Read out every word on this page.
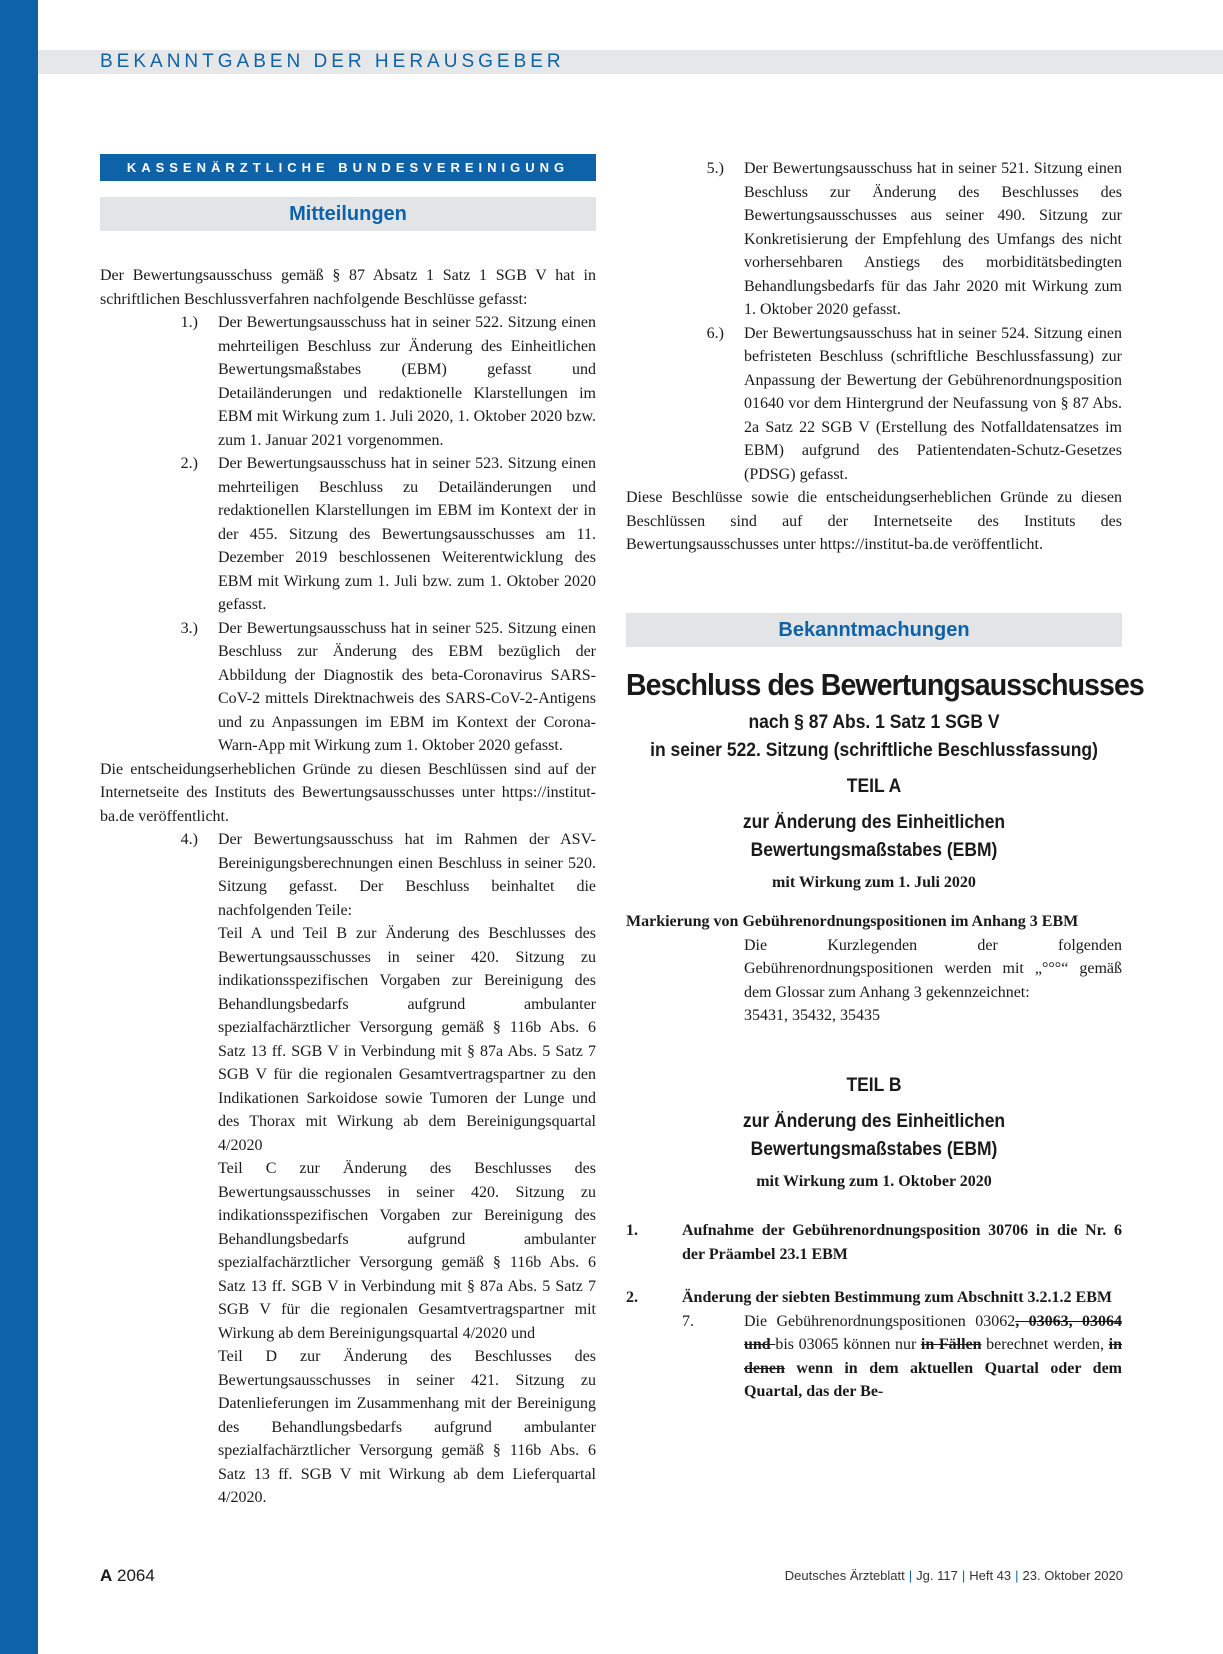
BEKANNTGABEN DER HERAUSGEBER
KASSENÄRZTLICHE BUNDESVEREINIGUNG
Mitteilungen

Der Bewertungsausschuss gemäß § 87 Absatz 1 Satz 1 SGB V hat in schriftlichen Beschlussverfahren nachfolgende Beschlüsse gefasst:

1.)	Der Bewertungsausschuss hat in seiner 522. Sitzung einen mehrteiligen Beschluss zur Änderung des Einheitlichen Bewertungsmaßstabes (EBM) gefasst und Detailänderungen und redaktionelle Klarstellungen im EBM mit Wirkung zum 1. Juli 2020, 1. Oktober 2020 bzw. zum 1. Januar 2021 vorgenommen.
2.)	Der Bewertungsausschuss hat in seiner 523. Sitzung einen mehrteiligen Beschluss zu Detailänderungen und redaktionellen Klarstellungen im EBM im Kontext der in der 455. Sitzung des Bewertungsausschusses am 11. Dezember 2019 beschlossenen Weiterentwicklung des EBM mit Wirkung zum 1. Juli bzw. zum 1. Oktober 2020 gefasst.
3.)	Der Bewertungsausschuss hat in seiner 525. Sitzung einen Beschluss zur Änderung des EBM bezüglich der Abbildung der Diagnostik des beta-Coronavirus SARS-CoV-2 mittels Direktnachweis des SARS-CoV-2-Antigens und zu Anpassungen im EBM im Kontext der Corona-Warn-App mit Wirkung zum 1. Oktober 2020 gefasst.

Die entscheidungserheblichen Gründe zu diesen Beschlüssen sind auf der Internetseite des Instituts des Bewertungsausschusses unter https://institut-ba.de veröffentlicht.

4.)	Der Bewertungsausschuss hat im Rahmen der ASV-Bereinigungsberechnungen einen Beschluss in seiner 520. Sitzung gefasst. Der Beschluss beinhaltet die nachfolgenden Teile:

Teil A und Teil B zur Änderung des Beschlusses des Bewertungsausschusses in seiner 420. Sitzung zu indikationsspezifischen Vorgaben zur Bereinigung des Behandlungsbedarfs aufgrund ambulanter spezialfachärztlicher Versorgung gemäß § 116b Abs. 6 Satz 13 ff. SGB V in Verbindung mit § 87a Abs. 5 Satz 7 SGB V für die regionalen Gesamtvertragspartner zu den Indikationen Sarkoidose sowie Tumoren der Lunge und des Thorax mit Wirkung ab dem Bereinigungsquartal 4/2020

Teil C zur Änderung des Beschlusses des Bewertungsausschusses in seiner 420. Sitzung zu indikationsspezifischen Vorgaben zur Bereinigung des Behandlungsbedarfs aufgrund ambulanter spezialfachärztlicher Versorgung gemäß § 116b Abs. 6 Satz 13 ff. SGB V in Verbindung mit § 87a Abs. 5 Satz 7 SGB V für die regionalen Gesamtvertragspartner mit Wirkung ab dem Bereinigungsquartal 4/2020 und

Teil D zur Änderung des Beschlusses des Bewertungsausschusses in seiner 421. Sitzung zu Datenlieferungen im Zusammenhang mit der Bereinigung des Behandlungsbedarfs aufgrund ambulanter spezialfachärztlicher Versorgung gemäß § 116b Abs. 6 Satz 13 ff. SGB V mit Wirkung ab dem Lieferquartal 4/2020.

5.)	Der Bewertungsausschuss hat in seiner 521. Sitzung einen Beschluss zur Änderung des Beschlusses des Bewertungsausschusses aus seiner 490. Sitzung zur Konkretisierung der Empfehlung des Umfangs des nicht vorhersehbaren Anstiegs des morbiditätsbedingten Behandlungsbedarfs für das Jahr 2020 mit Wirkung zum 1. Oktober 2020 gefasst.
6.)	Der Bewertungsausschuss hat in seiner 524. Sitzung einen befristeten Beschluss (schriftliche Beschlussfassung) zur Anpassung der Bewertung der Gebührenordnungsposition 01640 vor dem Hintergrund der Neufassung von § 87 Abs. 2a Satz 22 SGB V (Erstellung des Notfalldatensatzes im EBM) aufgrund des Patientendaten-Schutz-Gesetzes (PDSG) gefasst.

Diese Beschlüsse sowie die entscheidungserheblichen Gründe zu diesen Beschlüssen sind auf der Internetseite des Instituts des Bewertungsausschusses unter https://institut-ba.de veröffentlicht.

Bekanntmachungen
Beschluss des Bewertungsausschusses
nach § 87 Abs. 1 Satz 1 SGB V
in seiner 522. Sitzung (schriftliche Beschlussfassung)
TEIL A
zur Änderung des Einheitlichen Bewertungsmaßstabes (EBM)
mit Wirkung zum 1. Juli 2020

Markierung von Gebührenordnungspositionen im Anhang 3 EBM

Die Kurzlegenden der folgenden Gebührenordnungspositionen werden mit „°°°“ gemäß dem Glossar zum Anhang 3 gekennzeichnet:

35431, 35432, 35435

TEIL B
zur Änderung des Einheitlichen Bewertungsmaßstabes (EBM)
mit Wirkung zum 1. Oktober 2020
1.	Aufnahme der Gebührenordnungsposition 30706 in die Nr. 6 der Präambel 23.1 EBM
2.	Änderung der siebten Bestimmung zum Abschnitt 3.2.1.2 EBM
7.	Die Gebührenordnungspositionen 03062, 03063, 03064 und bis 03065 können nur in Fällen berechnet werden, in denen wenn in dem aktuellen Quartal oder dem Quartal, das der Be-
A 2064	Deutsches Ärzteblatt | Jg. 117 | Heft 43 | 23. Oktober 2020
